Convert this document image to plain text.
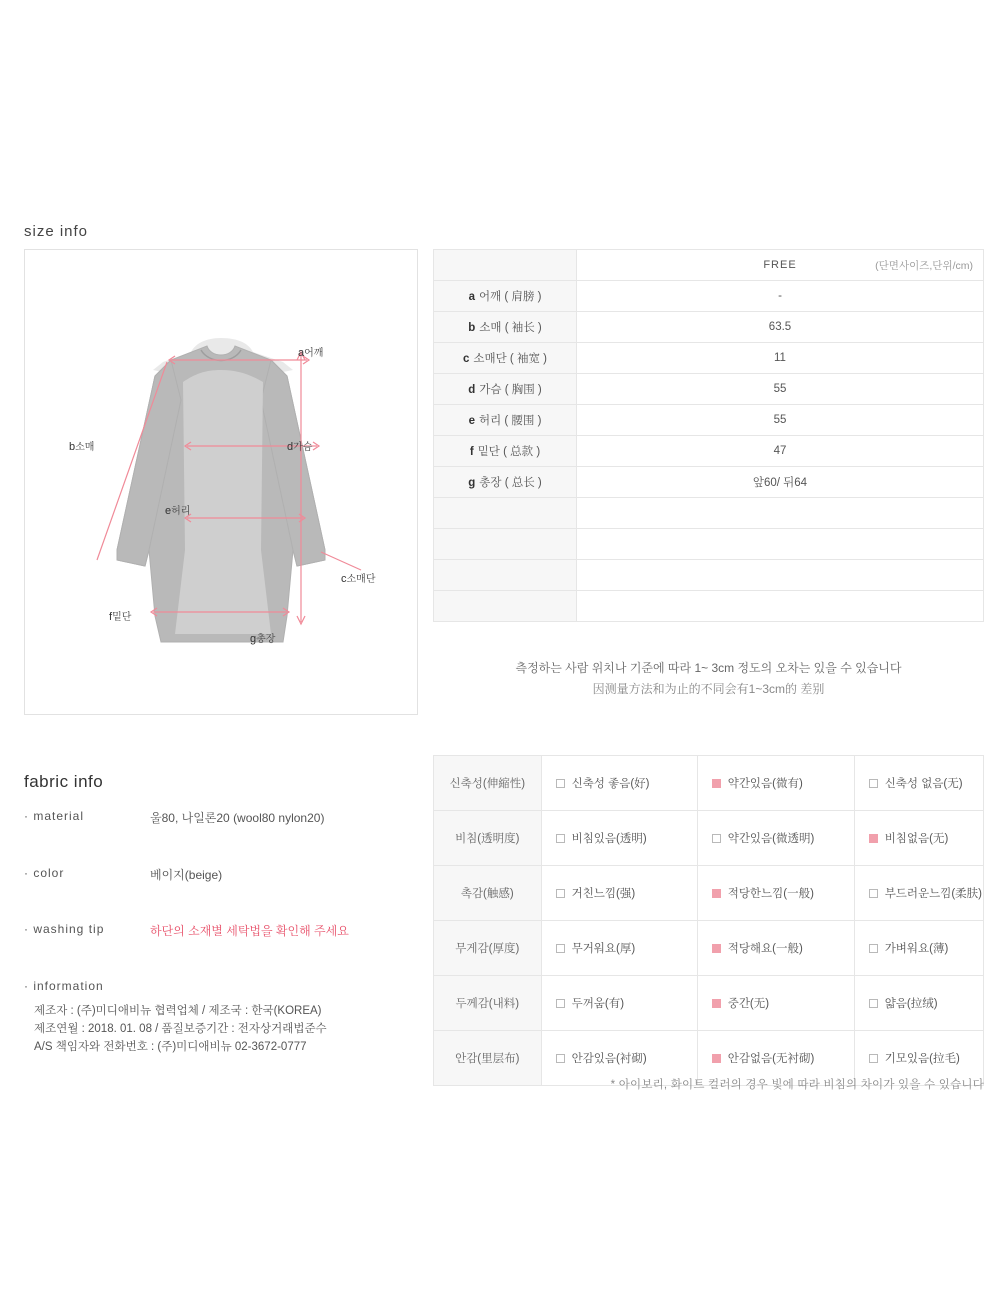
size info
a어깨
b소매	d가슴
e허리
c소매단
f밑단
g총장
	FREE (단면사이즈,단위/cm)

a 어깨 ( 肩膀 )	-
b 소매 ( 袖长 )	63.5
c 소매단 ( 袖宽 )	11
d 가슴 ( 胸围 )	55
e 허리 ( 腰围 )	55
f 밑단 ( 总款 )	47
g 총장 ( 总长 )	앞60/ 뒤64

측정하는 사람 위치나 기준에 따라 1~ 3cm 정도의 오차는 있을 수 있습니다
因测量方法和为止的不同会有1~3cm的 差别
fabric info
· material	울80, 나일론20 (wool80 nylon20)
· color	베이지(beige)
· washing tip	하단의 소재별 세탁법을 확인해 주세요
· information
제조자 : (주)미디애비뉴 협력업체 / 제조국 : 한국(KOREA)
제조연월 : 2018. 01. 08 / 품질보증기간 : 전자상거래법준수
A/S 책임자와 전화번호 : (주)미디애비뉴 02-3672-0777
신축성(伸縮性)	신축성 좋음(好)	약간있음(微有)	신축성 없음(无)

비침(透明度)	비침있음(透明)	약간있음(微透明)	비침없음(无)

촉감(触感)	거친느낌(强)	적당한느낌(一般)	부드러운느낌(柔肤)

무게감(厚度)	무거워요(厚)	적당해요(一般)	가벼워요(薄)

두께감(내料)	두꺼움(有)	중간(无)	얇음(拉绒)

안감(里层布)	안감있음(衬砌)	안감없음(无衬砌)	기모있음(拉毛)
* 아이보리, 화이트 컬러의 경우 빛에 따라 비침의 차이가 있을 수 있습니다
